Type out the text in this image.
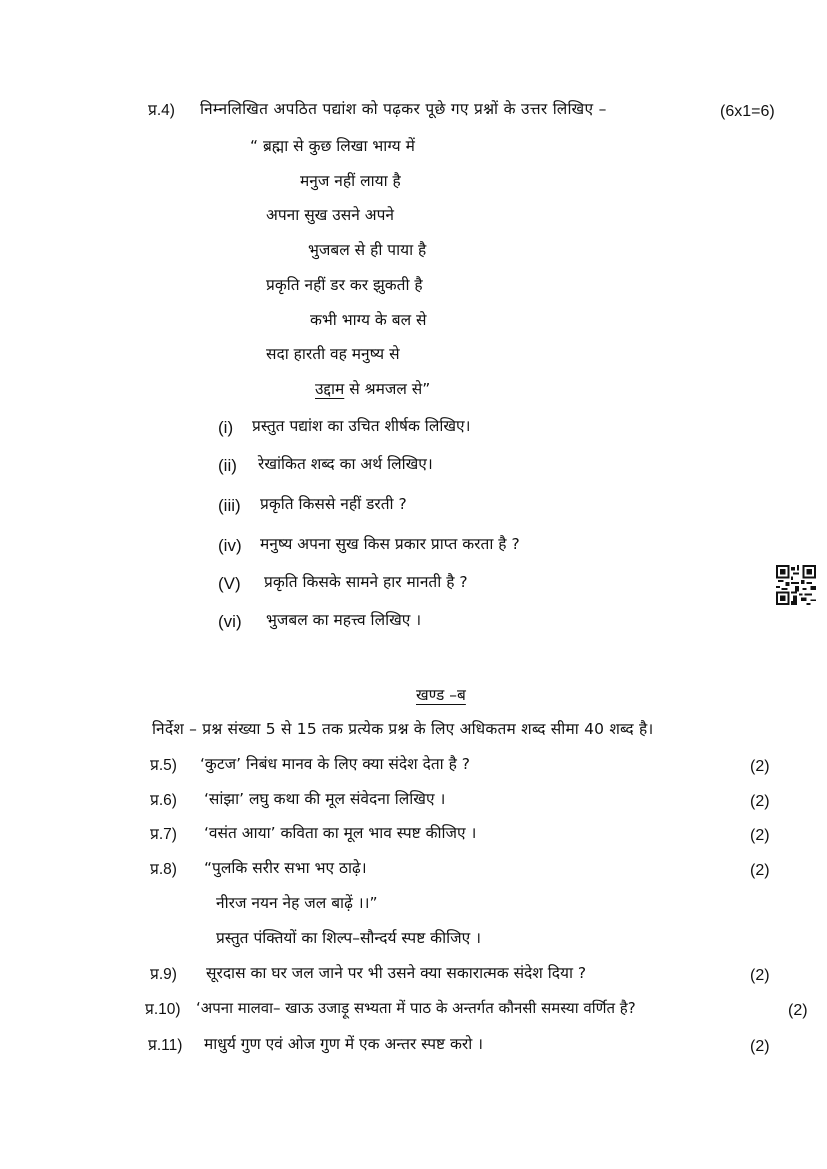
प्र.4) निम्नलिखित अपठित पद्यांश को पढ़कर पूछे गए प्रश्नों के उत्तर लिखिए –	(6x1=6)
“ ब्रह्मा से कुछ लिखा भाग्य में
मनुज नहीं लाया है
अपना सुख उसने अपने
भुजबल से ही पाया है
प्रकृति नहीं डर कर झुकती है
कभी भाग्य के बल से
सदा हारती वह मनुष्य से
उद्दाम से श्रमजल से”
(i) प्रस्तुत पद्यांश का उचित शीर्षक लिखिए।
(ii) रेखांकित शब्द का अर्थ लिखिए।
(iii) प्रकृति किससे नहीं डरती ?
(iv) मनुष्य अपना सुख किस प्रकार प्राप्त करता है ?
(V) प्रकृति किसके सामने हार मानती है ?
(vi) भुजबल का महत्त्व लिखिए ।
खण्ड –ब
निर्देश – प्रश्न संख्या 5 से 15 तक प्रत्येक प्रश्न के लिए अधिकतम शब्द सीमा 40 शब्द है।
प्र.5) ‘कुटज’ निबंध मानव के लिए क्या संदेश देता है ?	(2)
प्र.6) ‘सांझा’ लघु कथा की मूल संवेदना लिखिए ।	(2)
प्र.7) ‘वसंत आया’ कविता का मूल भाव स्पष्ट कीजिए ।	(2)
प्र.8) “पुलकि सरीर सभा भए ठाढ़े।	(2)
नीरज नयन नेह जल बाढ़ें ।।”
प्रस्तुत पंक्तियों का शिल्प–सौन्दर्य स्पष्ट कीजिए ।
प्र.9) सूरदास का घर जल जाने पर भी उसने क्या सकारात्मक संदेश दिया ?	(2)
प्र.10) ‘अपना मालवा– खाऊ उजाड़ू सभ्यता में पाठ के अन्तर्गत कौनसी समस्या वर्णित है?	(2)
प्र.11) माधुर्य गुण एवं ओज गुण में एक अन्तर स्पष्ट करो ।	(2)
